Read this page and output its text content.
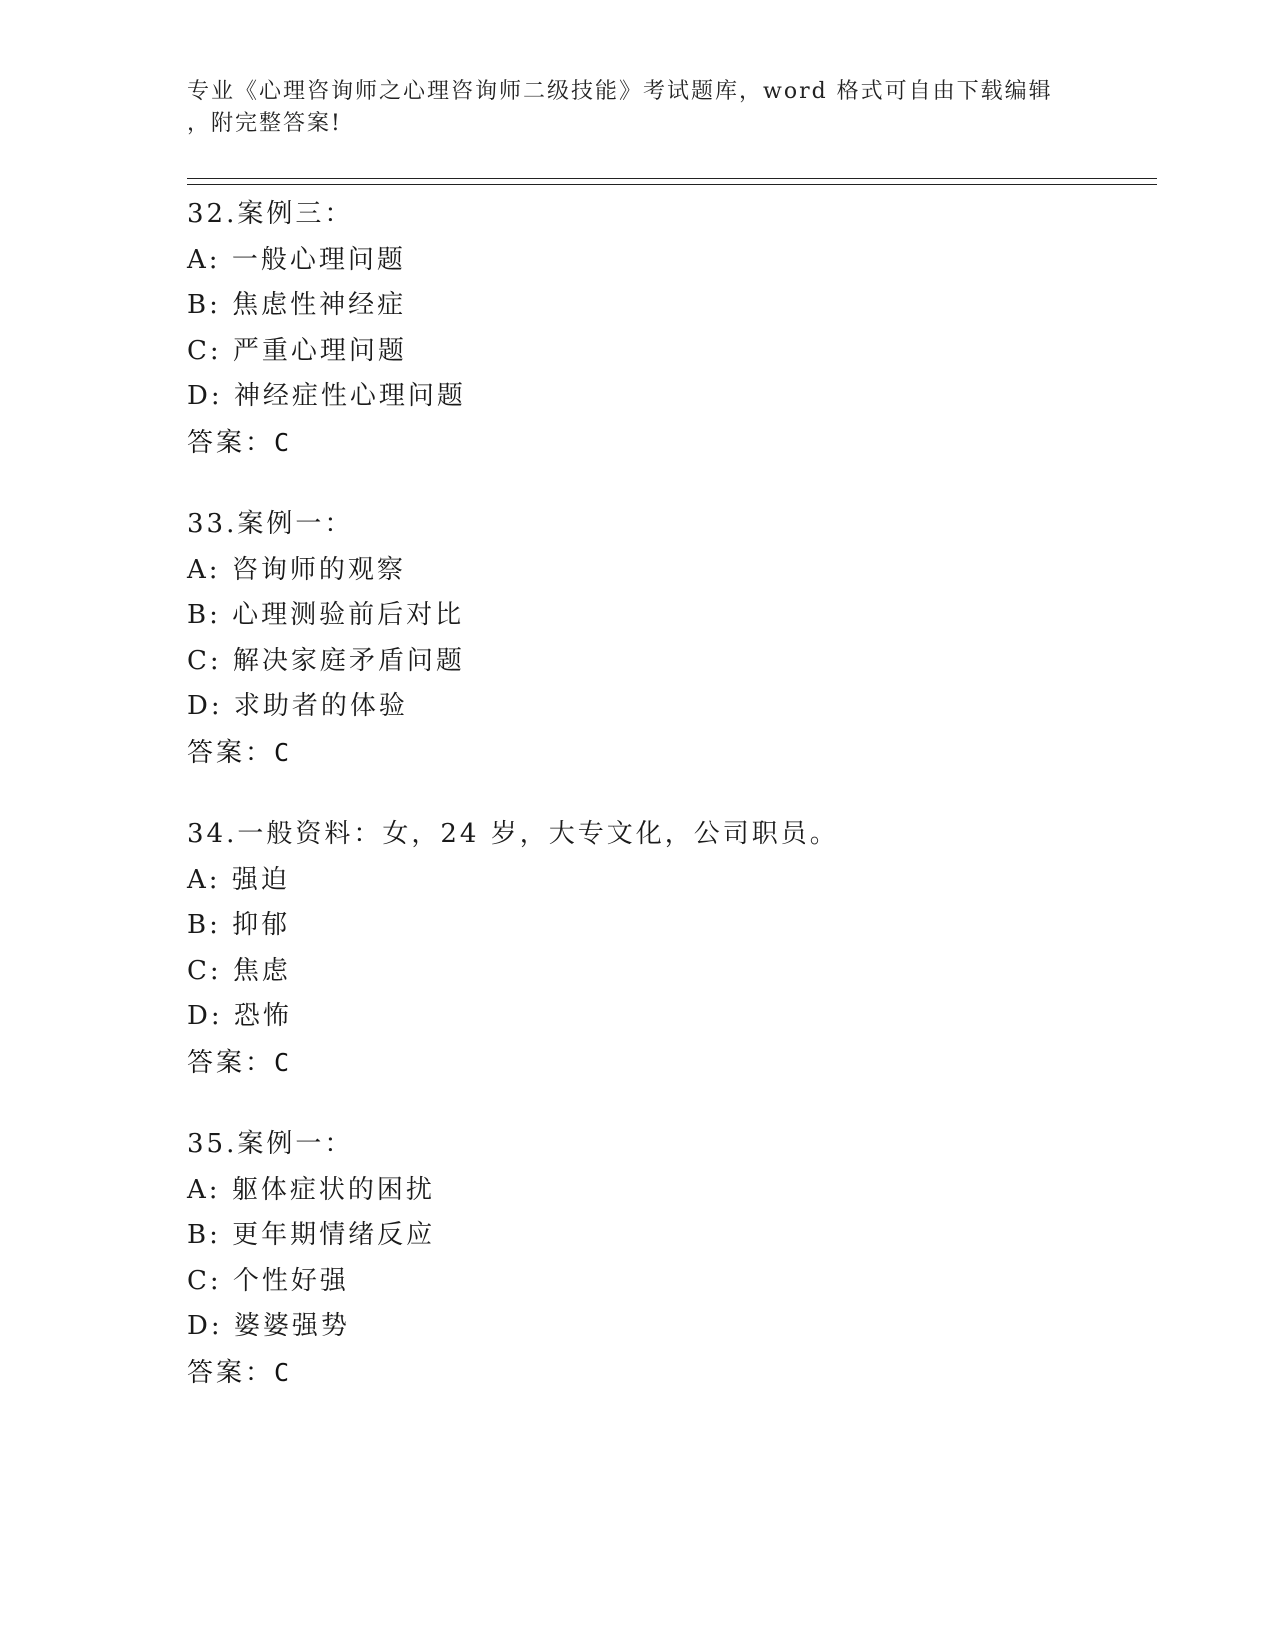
专业《心理咨询师之心理咨询师二级技能》考试题库，word 格式可自由下载编辑
，附完整答案!
32.案例三：
A: 一般心理问题
B: 焦虑性神经症
C: 严重心理问题
D: 神经症性心理问题
答案：C
33.案例一：
A: 咨询师的观察
B: 心理测验前后对比
C: 解决家庭矛盾问题
D: 求助者的体验
答案：C
34.一般资料：女，24 岁，大专文化，公司职员。
A: 强迫
B: 抑郁
C: 焦虑
D: 恐怖
答案：C
35.案例一：
A: 躯体症状的困扰
B: 更年期情绪反应
C: 个性好强
D: 婆婆强势
答案：C
